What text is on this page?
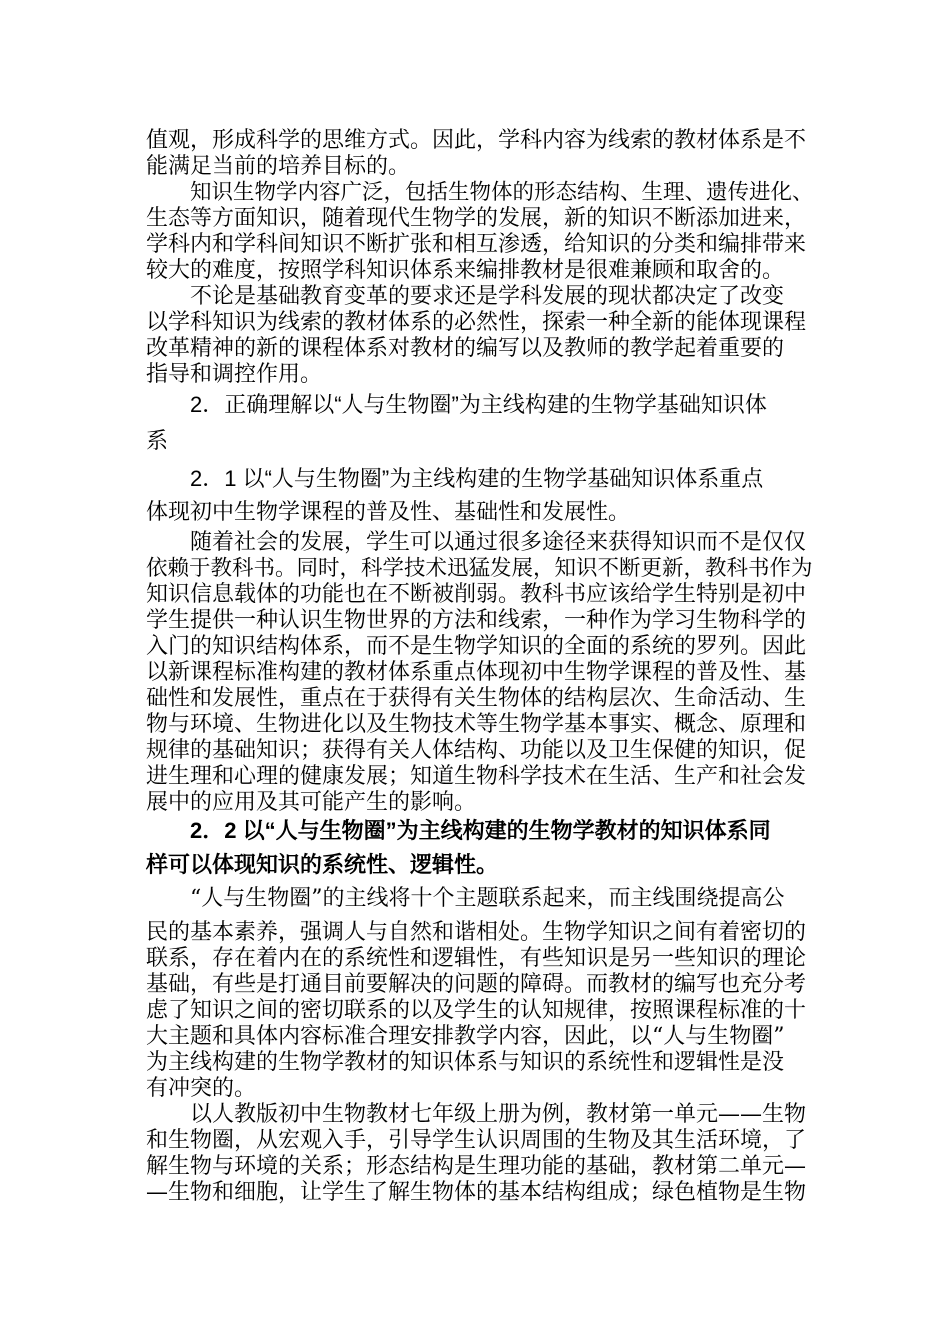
值观，形成科学的思维方式。因此，学科内容为线索的教材体系是不
能满足当前的培养目标的。
知识生物学内容广泛，包括生物体的形态结构、生理、遗传进化、
生态等方面知识，随着现代生物学的发展，新的知识不断添加进来，
学科内和学科间知识不断扩张和相互渗透，给知识的分类和编排带来
较大的难度，按照学科知识体系来编排教材是很难兼顾和取舍的。
不论是基础教育变革的要求还是学科发展的现状都决定了改变
以学科知识为线索的教材体系的必然性，探索一种全新的能体现课程
改革精神的新的课程体系对教材的编写以及教师的教学起着重要的
指导和调控作用。
2．正确理解以“人与生物圈”为主线构建的生物学基础知识体
系
2．1 以“人与生物圈”为主线构建的生物学基础知识体系重点
体现初中生物学课程的普及性、基础性和发展性。
随着社会的发展，学生可以通过很多途径来获得知识而不是仅仅
依赖于教科书。同时，科学技术迅猛发展，知识不断更新，教科书作为
知识信息载体的功能也在不断被削弱。教科书应该给学生特别是初中
学生提供一种认识生物世界的方法和线索，一种作为学习生物科学的
入门的知识结构体系，而不是生物学知识的全面的系统的罗列。因此
以新课程标准构建的教材体系重点体现初中生物学课程的普及性、基
础性和发展性，重点在于获得有关生物体的结构层次、生命活动、生
物与环境、生物进化以及生物技术等生物学基本事实、概念、原理和
规律的基础知识；获得有关人体结构、功能以及卫生保健的知识，促
进生理和心理的健康发展；知道生物科学技术在生活、生产和社会发
展中的应用及其可能产生的影响。
2．2 以“人与生物圈”为主线构建的生物学教材的知识体系同
样可以体现知识的系统性、逻辑性。
“人与生物圈”的主线将十个主题联系起来，而主线围绕提高公
民的基本素养，强调人与自然和谐相处。生物学知识之间有着密切的
联系，存在着内在的系统性和逻辑性，有些知识是另一些知识的理论
基础，有些是打通目前要解决的问题的障碍。而教材的编写也充分考
虑了知识之间的密切联系的以及学生的认知规律，按照课程标准的十
大主题和具体内容标准合理安排教学内容，因此，以“人与生物圈”
为主线构建的生物学教材的知识体系与知识的系统性和逻辑性是没
有冲突的。
以人教版初中生物教材七年级上册为例，教材第一单元——生物
和生物圈，从宏观入手，引导学生认识周围的生物及其生活环境，了
解生物与环境的关系；形态结构是生理功能的基础，教材第二单元—
—生物和细胞，让学生了解生物体的基本结构组成；绿色植物是生物
